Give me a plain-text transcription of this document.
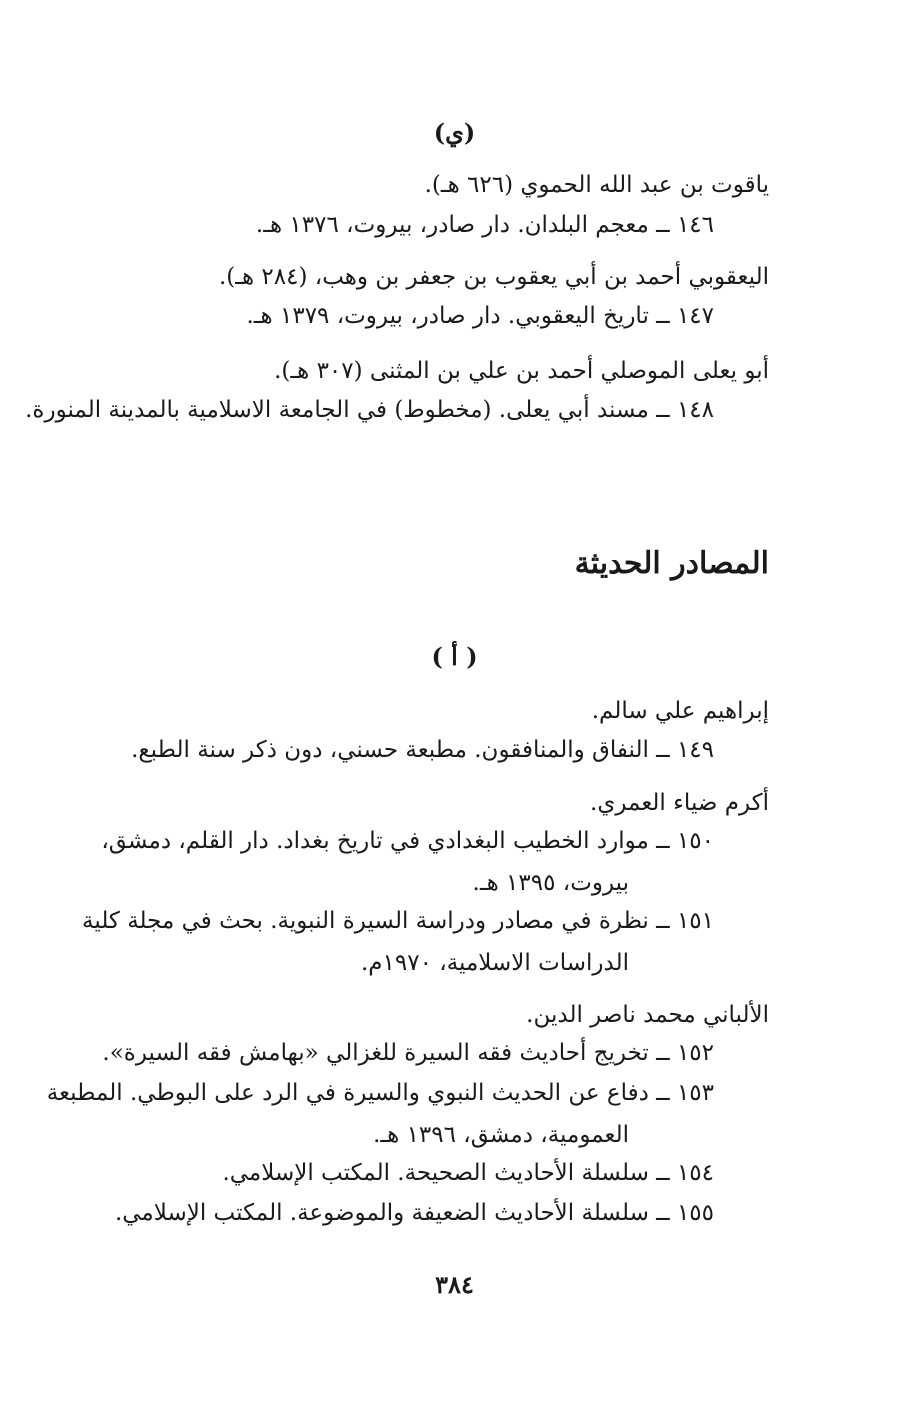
(ي)
ياقوت بن عبد الله الحموي (٦٢٦ هـ).
١٤٦ ــ معجم البلدان. دار صادر، بيروت، ١٣٧٦ هـ.
اليعقوبي أحمد بن أبي يعقوب بن جعفر بن وهب، (٢٨٤ هـ).
١٤٧ ــ تاريخ اليعقوبي. دار صادر، بيروت، ١٣٧٩ هـ.
أبو يعلى الموصلي أحمد بن علي بن المثنى (٣٠٧ هـ).
١٤٨ ــ مسند أبي يعلى. (مخطوط) في الجامعة الاسلامية بالمدينة المنورة.
المصادر الحديثة
( أ )
إبراهيم علي سالم.
١٤٩ ــ النفاق والمنافقون. مطبعة حسني، دون ذكر سنة الطبع.
أكرم ضياء العمري.
١٥٠ ــ موارد الخطيب البغدادي في تاريخ بغداد. دار القلم، دمشق،
بيروت، ١٣٩٥ هـ.
١٥١ ــ نظرة في مصادر ودراسة السيرة النبوية. بحث في مجلة كلية
الدراسات الاسلامية، ١٩٧٠م.
الألباني محمد ناصر الدين.
١٥٢ ــ تخريج أحاديث فقه السيرة للغزالي «بهامش فقه السيرة».
١٥٣ ــ دفاع عن الحديث النبوي والسيرة في الرد على البوطي. المطبعة
العمومية، دمشق، ١٣٩٦ هـ.
١٥٤ ــ سلسلة الأحاديث الصحيحة. المكتب الإسلامي.
١٥٥ ــ سلسلة الأحاديث الضعيفة والموضوعة. المكتب الإسلامي.
٣٨٤
